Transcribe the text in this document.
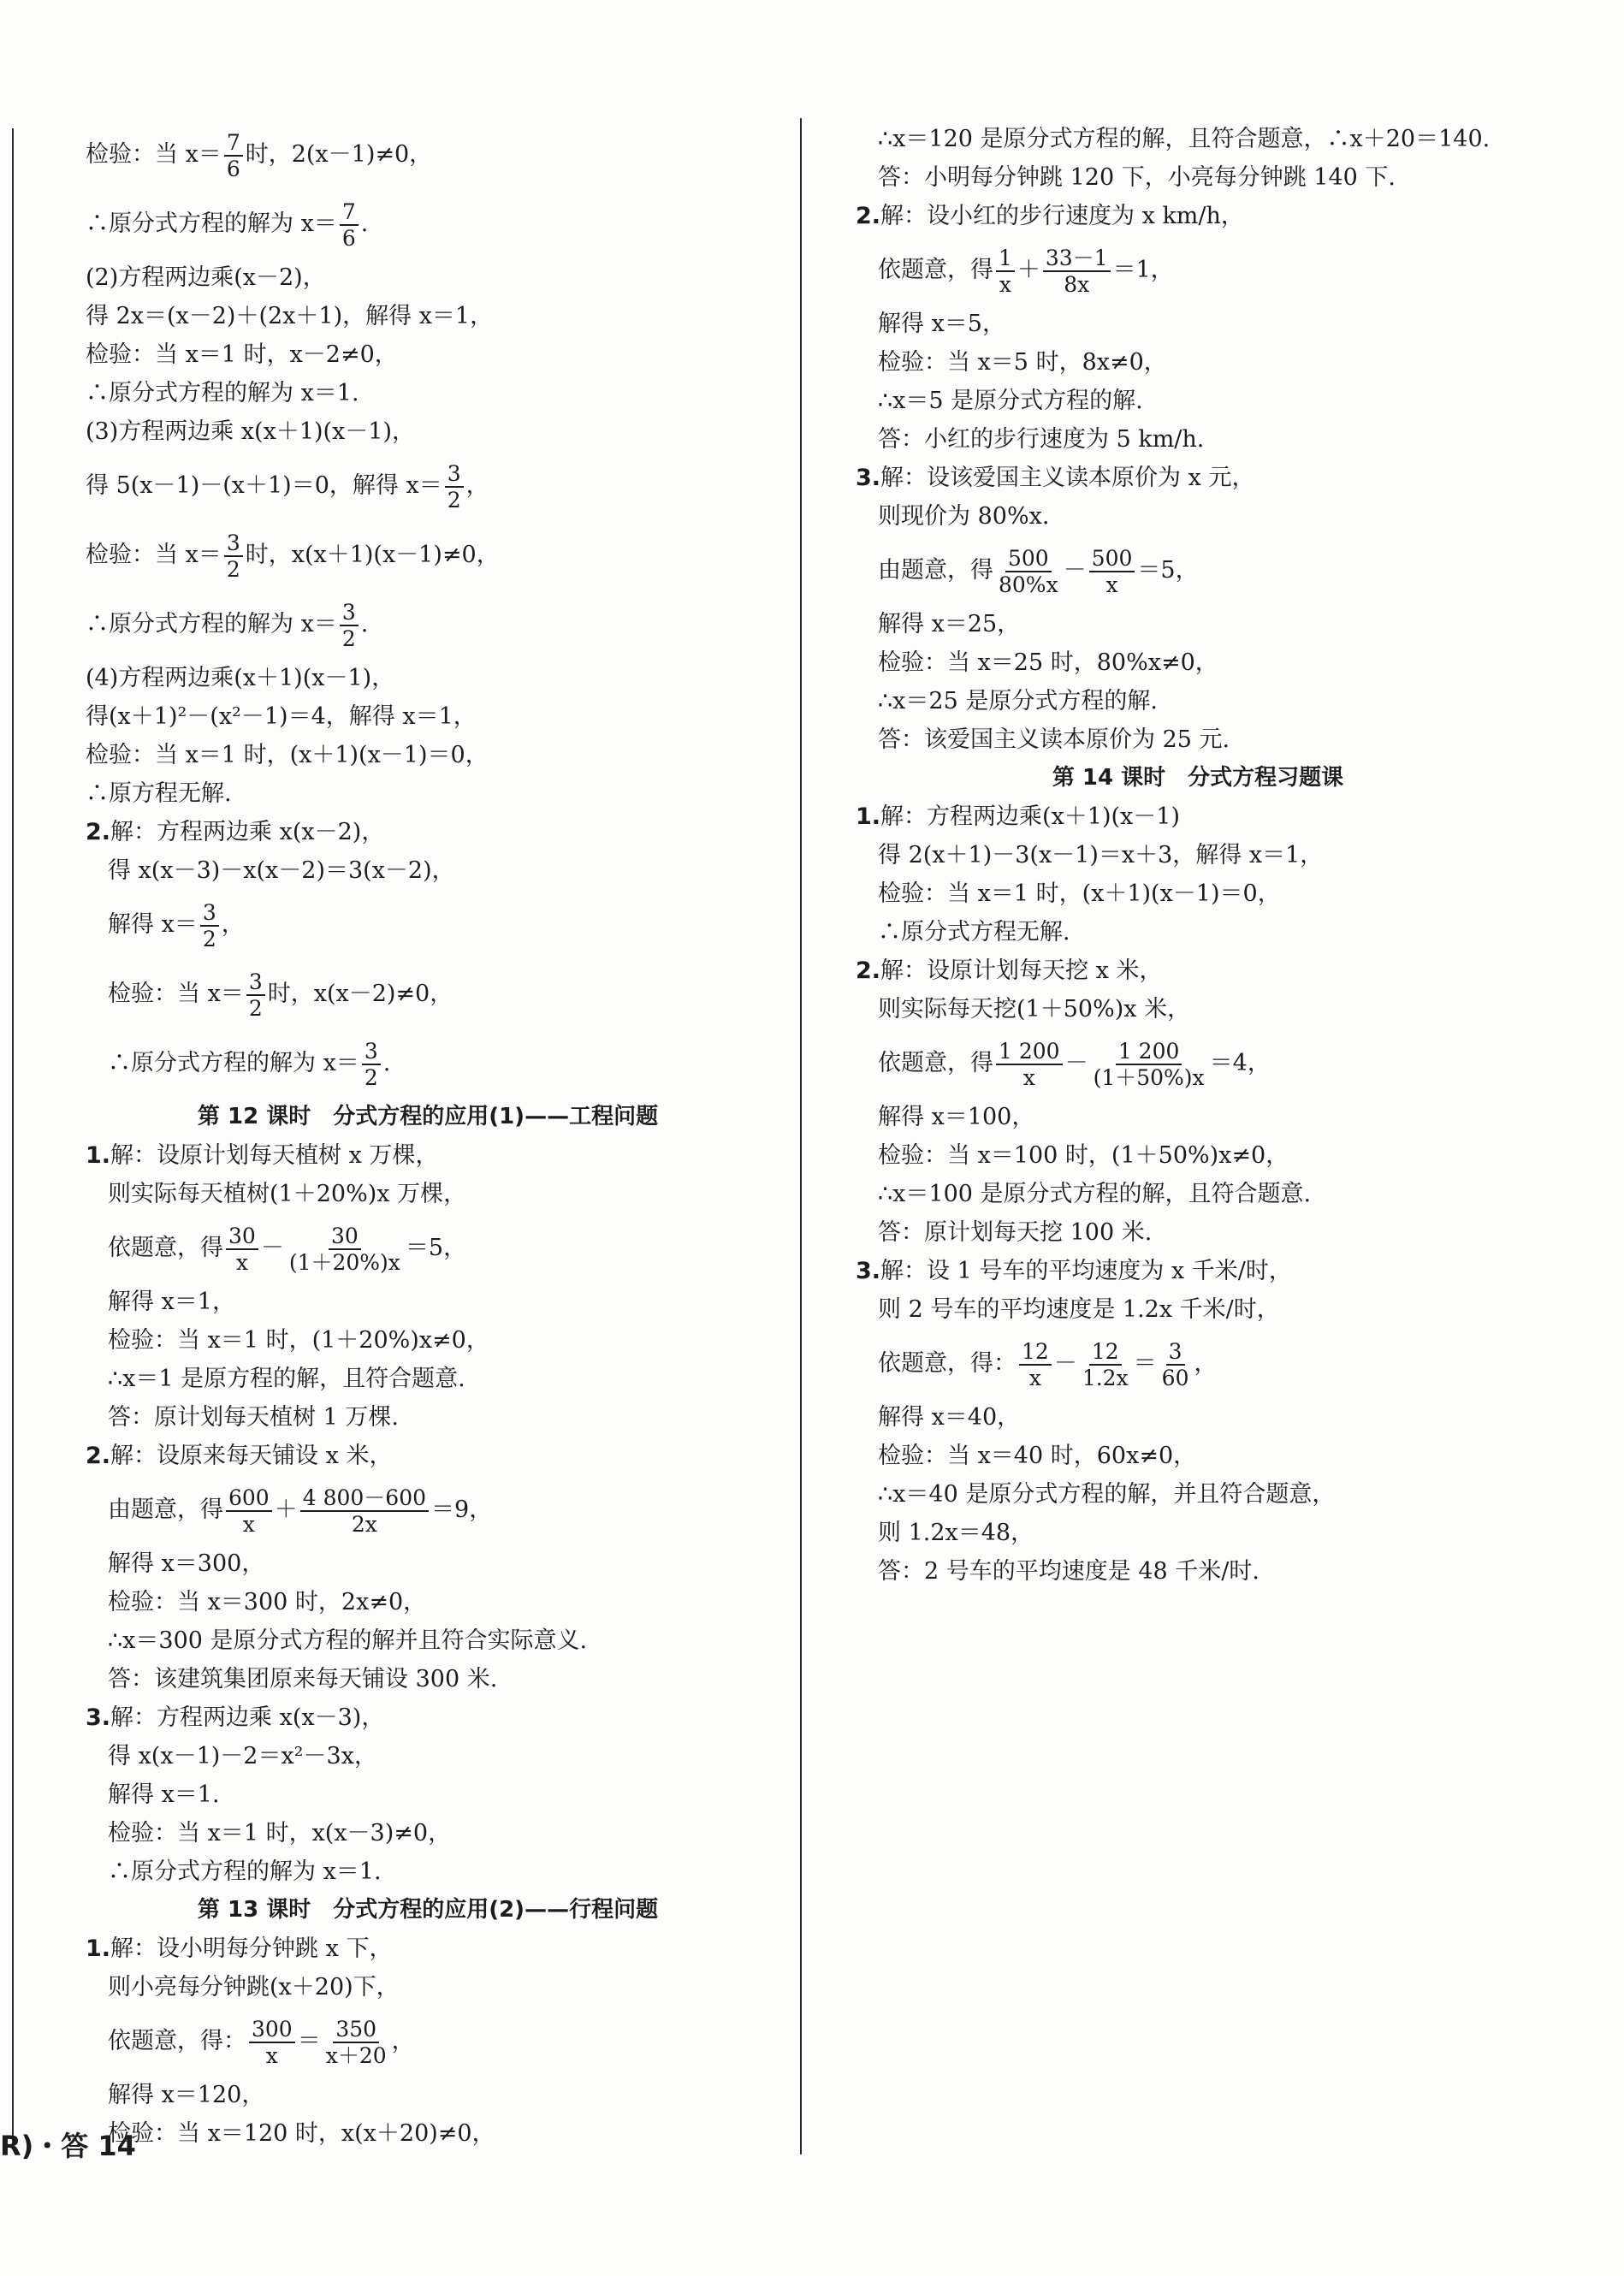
检验：当 $x= \frac{7}{6}$ 时，2(x－1)≠0，
∴原分式方程的解为 $x= \frac{7}{6}$ .
(2)方程两边乘(x－2)，
得 2x＝(x－2)＋(2x＋1)，解得 x＝1，
检验：当 x＝1 时，x－2≠0，
∴原分式方程的解为 x＝1.
(3)方程两边乘 x(x＋1)(x－1)，
得 5(x－1)－(x＋1)＝0，解得 $x= \frac{3}{2}$ ，
检验：当 $x= \frac{3}{2}$ 时，x(x＋1)(x－1)≠0，
∴原分式方程的解为 $x= \frac{3}{2}$ .
(4)方程两边乘(x＋1)(x－1)，
得(x＋1)²－(x²－1)＝4，解得 x＝1，
检验：当 x＝1 时，(x＋1)(x－1)＝0，
∴原方程无解.
2.解：方程两边乘 x(x－2)，
得 x(x－3)－x(x－2)＝3(x－2)，
解得 $x= \frac{3}{2}$ ，
检验：当 $x= \frac{3}{2}$ 时，x(x－2)≠0，
∴原分式方程的解为 $x= \frac{3}{2}$ .
第 12 课时　分式方程的应用(1)——工程问题
1.解：设原计划每天植树 x 万棵，
则实际每天植树(1＋20%)x 万棵，
依题意，得 $\frac{30}{x} - \frac{30}{(1+20\%)x} =5$，
解得 x＝1，
检验：当 x＝1 时，(1＋20%)x≠0，
∴x＝1 是原方程的解，且符合题意.
答：原计划每天植树 1 万棵.
2.解：设原来每天铺设 x 米，
由题意，得 $\frac{600}{x} + \frac{4 800-600}{2x} =9$，
解得 x＝300，
检验：当 x＝300 时，2x≠0，
∴x＝300 是原分式方程的解并且符合实际意义.
答：该建筑集团原来每天铺设 300 米.
3.解：方程两边乘 x(x－3)，
得 x(x－1)－2＝x²－3x，
解得 x＝1.
检验：当 x＝1 时，x(x－3)≠0，
∴原分式方程的解为 x＝1.
第 13 课时　分式方程的应用(2)——行程问题
1.解：设小明每分钟跳 x 下，
则小亮每分钟跳(x＋20)下，
依题意，得： $\frac{300}{x} = \frac{350}{x+20}$ ，
解得 x＝120，
检验：当 x＝120 时，x(x＋20)≠0，
∴x＝120 是原分式方程的解，且符合题意，∴x＋20＝140.
答：小明每分钟跳 120 下，小亮每分钟跳 140 下.
2.解：设小红的步行速度为 x km/h，
依题意，得 $\frac{1}{x} + \frac{33-1}{8x} =1$，
解得 x＝5，
检验：当 x＝5 时，8x≠0，
∴x＝5 是原分式方程的解.
答：小红的步行速度为 5 km/h.
3.解：设该爱国主义读本原价为 x 元，
则现价为 80%x.
由题意，得 $\frac{500}{80\%x} - \frac{500}{x} =5$，
解得 x＝25，
检验：当 x＝25 时，80%x≠0，
∴x＝25 是原分式方程的解.
答：该爱国主义读本原价为 25 元.
第 14 课时　分式方程习题课
1.解：方程两边乘(x＋1)(x－1)
得 2(x＋1)－3(x－1)＝x＋3，解得 x＝1，
检验：当 x＝1 时，(x＋1)(x－1)＝0，
∴原分式方程无解.
2.解：设原计划每天挖 x 米，
则实际每天挖(1＋50%)x 米，
依题意，得 $\frac{1 200}{x} - \frac{1 200}{(1+50\%)x} =4$，
解得 x＝100，
检验：当 x＝100 时，(1＋50%)x≠0，
∴x＝100 是原分式方程的解，且符合题意.
答：原计划每天挖 100 米.
3.解：设 1 号车的平均速度为 x 千米/时，
则 2 号车的平均速度是 1.2x 千米/时，
依题意，得： $\frac{12}{x} - \frac{12}{1.2x} = \frac{3}{60}$ ，
解得 x＝40，
检验：当 x＝40 时，60x≠0，
∴x＝40 是原分式方程的解，并且符合题意，
则 1.2x＝48，
答：2 号车的平均速度是 48 千米/时.
R)・答 14
